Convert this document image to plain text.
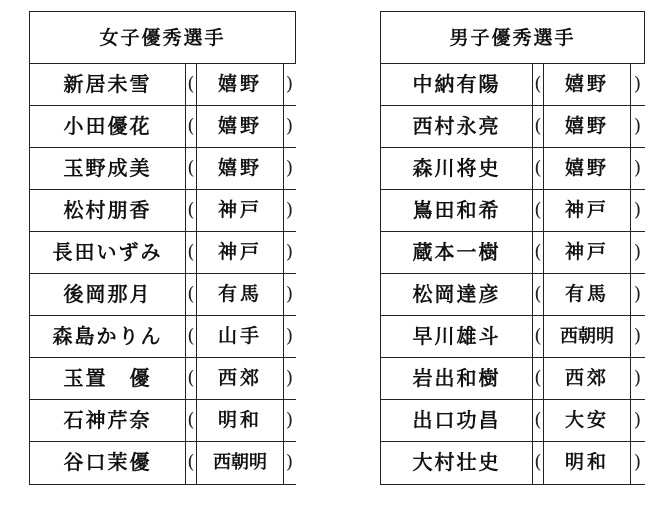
女子優秀選手
新居未雪	(	嬉野	)
小田優花	(	嬉野	)
玉野成美	(	嬉野	)
松村朋香	(	神戸	)
長田いずみ	(	神戸	)
後岡那月	(	有馬	)
森島かりん	(	山手	)
玉置　優	(	西郊	)
石神芹奈	(	明和	)
谷口茉優	(	西朝明 )
男子優秀選手
中納有陽	(	嬉野	)
西村永亮	(	嬉野	)
森川将史	(	嬉野	)
嶌田和希	(	神戸	)
蔵本一樹	(	神戸	)
松岡達彦	(	有馬	)
早川雄斗	(	西朝明	)
岩出和樹	(	西郊	)
出口功昌	(	大安	)
大村壮史	(	明和	)
